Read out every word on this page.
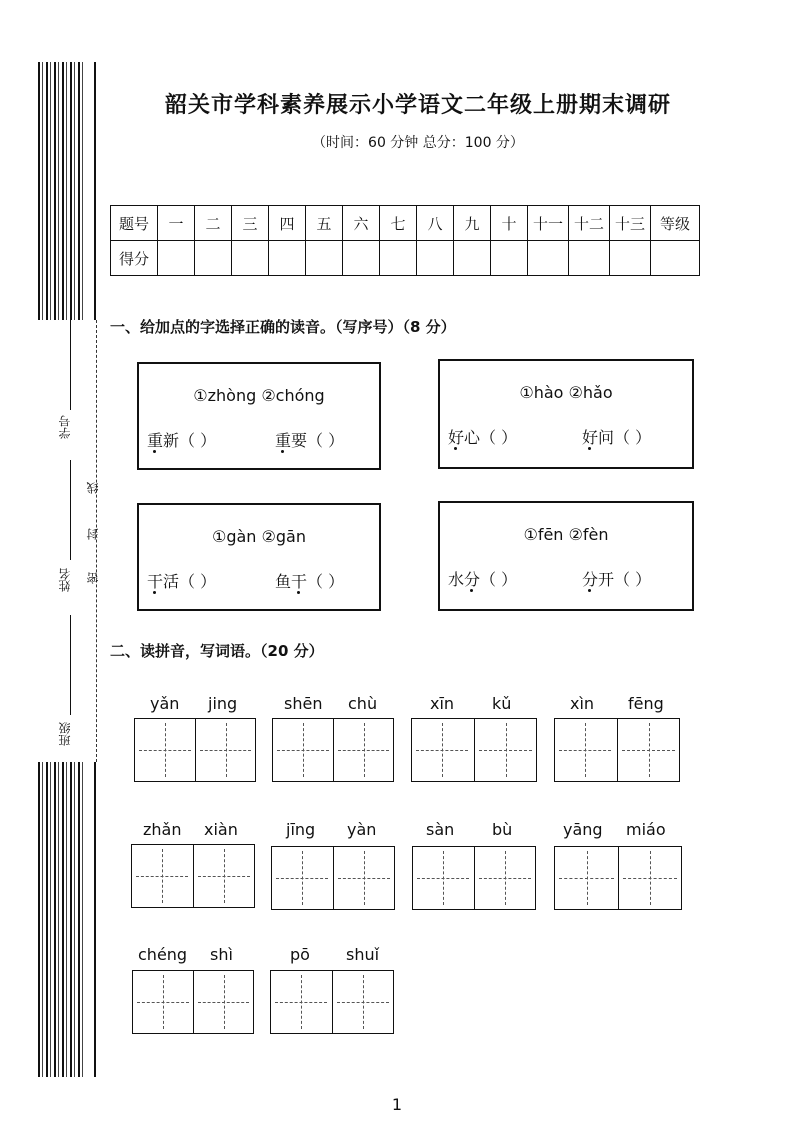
学号
线
封
密
姓名
班级
韶关市学科素养展示小学语文二年级上册期末调研
（时间：60 分钟 总分：100 分）
题号	一	二	三	四	五	六	七	八	九	十	十一	十二	十三	等级
得分														
一、给加点的字选择正确的读音。（写序号）（8 分）
①zhòng ②chóng
重新（ ）	重要（ ）
①hào ②hǎo
好心（ ）	好问（ ）
①gàn ②gān
干活（ ）	鱼干（ ）
①fēn ②fèn
水分（ ）	分开（ ）
二、读拼音，写词语。（20 分）
yǎn jing	shēn chù	xīn kǔ	xìn fēng
zhǎn xiàn	jīng yàn	sàn bù	yāng miáo
chéng shì	pō shuǐ
1
